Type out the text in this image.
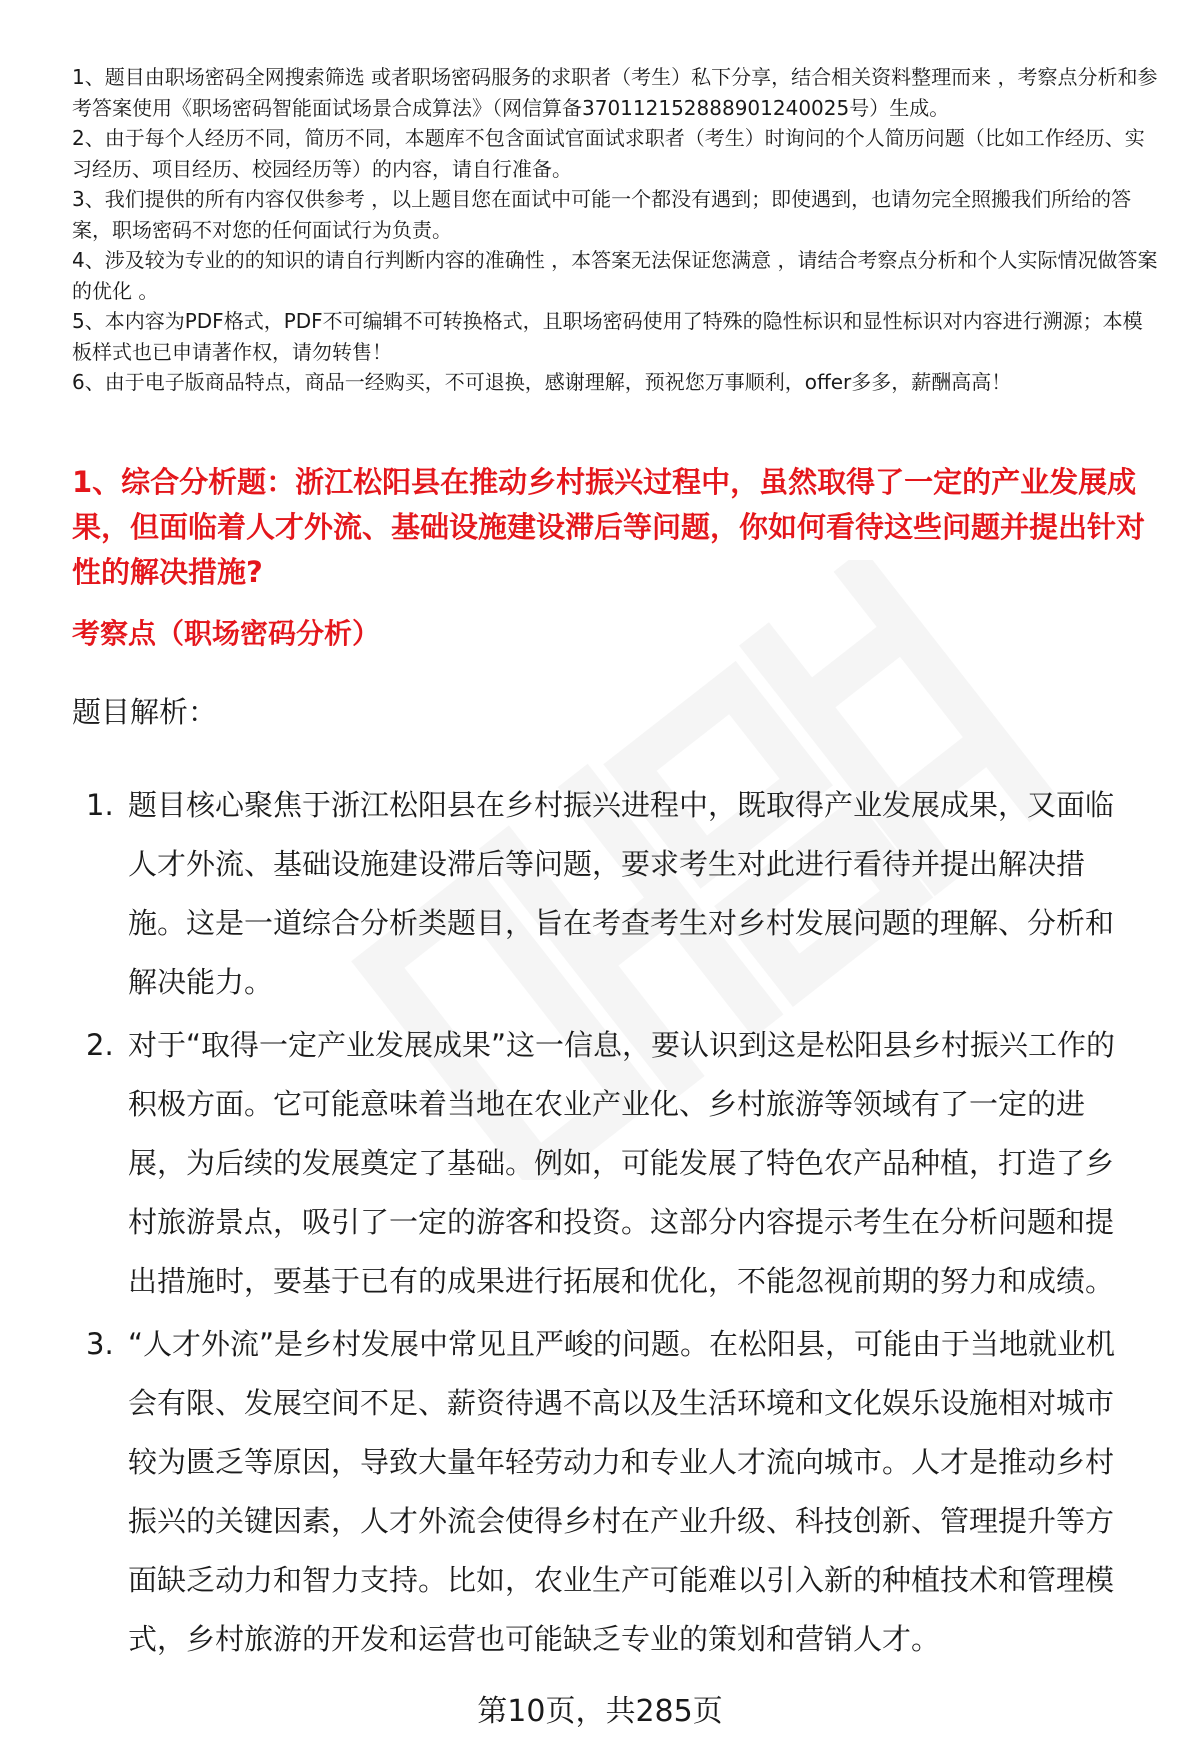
1、题目由职场密码全网搜索筛选 或者职场密码服务的求职者（考生）私下分享，结合相关资料整理而来 ，考察点分析和参考答案使用《职场密码智能面试场景合成算法》（网信算备370112152888901240025号）生成。

2、由于每个人经历不同，简历不同，本题库不包含面试官面试求职者（考生）时询问的个人简历问题（比如工作经历、实习经历、项目经历、校园经历等）的内容，请自行准备。

3、我们提供的所有内容仅供参考 ，以上题目您在面试中可能一个都没有遇到；即使遇到，也请勿完全照搬我们所给的答案，职场密码不对您的任何面试行为负责。

4、涉及较为专业的的知识的请自行判断内容的准确性 ，本答案无法保证您满意 ，请结合考察点分析和个人实际情况做答案的优化 。

5、本内容为PDF格式，PDF不可编辑不可转换格式，且职场密码使用了特殊的隐性标识和显性标识对内容进行溯源；本模板样式也已申请著作权，请勿转售！

6、由于电子版商品特点，商品一经购买，不可退换，感谢理解，预祝您万事顺利，offer多多，薪酬高高！

1、综合分析题：浙江松阳县在推动乡村振兴过程中，虽然取得了一定的产业发展成果，但面临着人才外流、基础设施建设滞后等问题，你如何看待这些问题并提出针对性的解决措施?
考察点（职场密码分析）
题目解析：
1. 题目核心聚焦于浙江松阳县在乡村振兴进程中，既取得产业发展成果，又面临人才外流、基础设施建设滞后等问题，要求考生对此进行看待并提出解决措施。这是一道综合分析类题目，旨在考查考生对乡村发展问题的理解、分析和解决能力。
2. 对于“取得一定产业发展成果”这一信息，要认识到这是松阳县乡村振兴工作的积极方面。它可能意味着当地在农业产业化、乡村旅游等领域有了一定的进展，为后续的发展奠定了基础。例如，可能发展了特色农产品种植，打造了乡村旅游景点，吸引了一定的游客和投资。这部分内容提示考生在分析问题和提出措施时，要基于已有的成果进行拓展和优化，不能忽视前期的努力和成绩。
3. “人才外流”是乡村发展中常见且严峻的问题。在松阳县，可能由于当地就业机会有限、发展空间不足、薪资待遇不高以及生活环境和文化娱乐设施相对城市较为匮乏等原因，导致大量年轻劳动力和专业人才流向城市。人才是推动乡村振兴的关键因素，人才外流会使得乡村在产业升级、科技创新、管理提升等方面缺乏动力和智力支持。比如，农业生产可能难以引入新的种植技术和管理模式，乡村旅游的开发和运营也可能缺乏专业的策划和营销人才。
第10页，共285页
